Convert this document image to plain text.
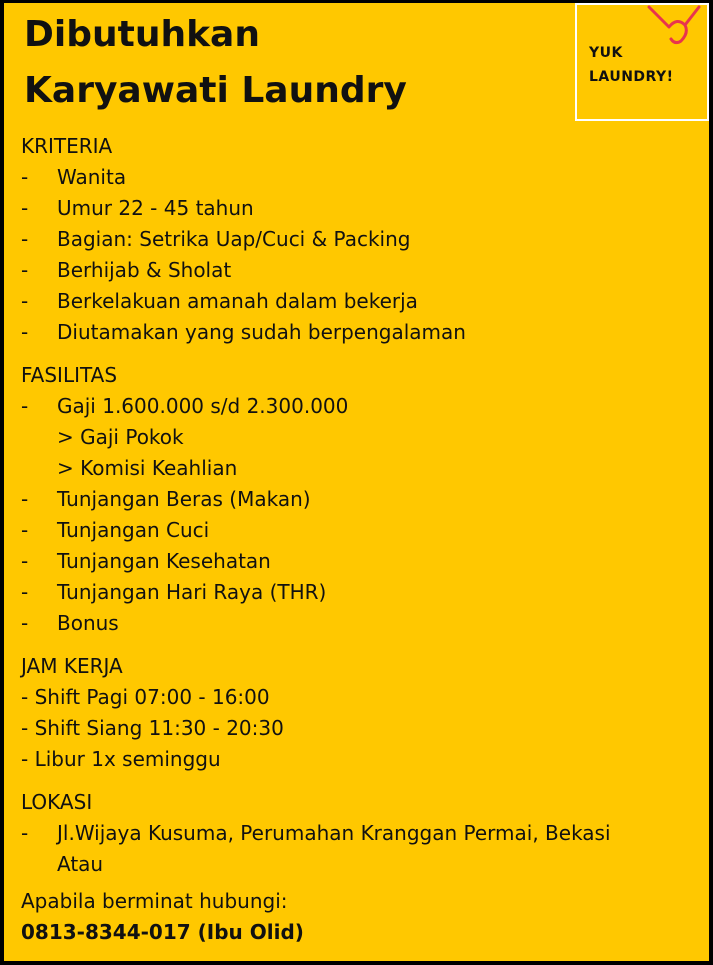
Dibutuhkan
Karyawati Laundry
YUK
LAUNDRY!
KRITERIA
- Wanita
- Umur 22 - 45 tahun
- Bagian: Setrika Uap/Cuci & Packing
- Berhijab & Sholat
- Berkelakuan amanah dalam bekerja
- Diutamakan yang sudah berpengalaman
FASILITAS
- Gaji 1.600.000 s/d 2.300.000
> Gaji Pokok
> Komisi Keahlian
- Tunjangan Beras (Makan)
- Tunjangan Cuci
- Tunjangan Kesehatan
- Tunjangan Hari Raya (THR)
- Bonus
JAM KERJA
- Shift Pagi 07:00 - 16:00
- Shift Siang 11:30 - 20:30
- Libur 1x seminggu
LOKASI
- Jl.Wijaya Kusuma, Perumahan Kranggan Permai, Bekasi
Atau
Apabila berminat hubungi:
0813-8344-017 (Ibu Olid)
